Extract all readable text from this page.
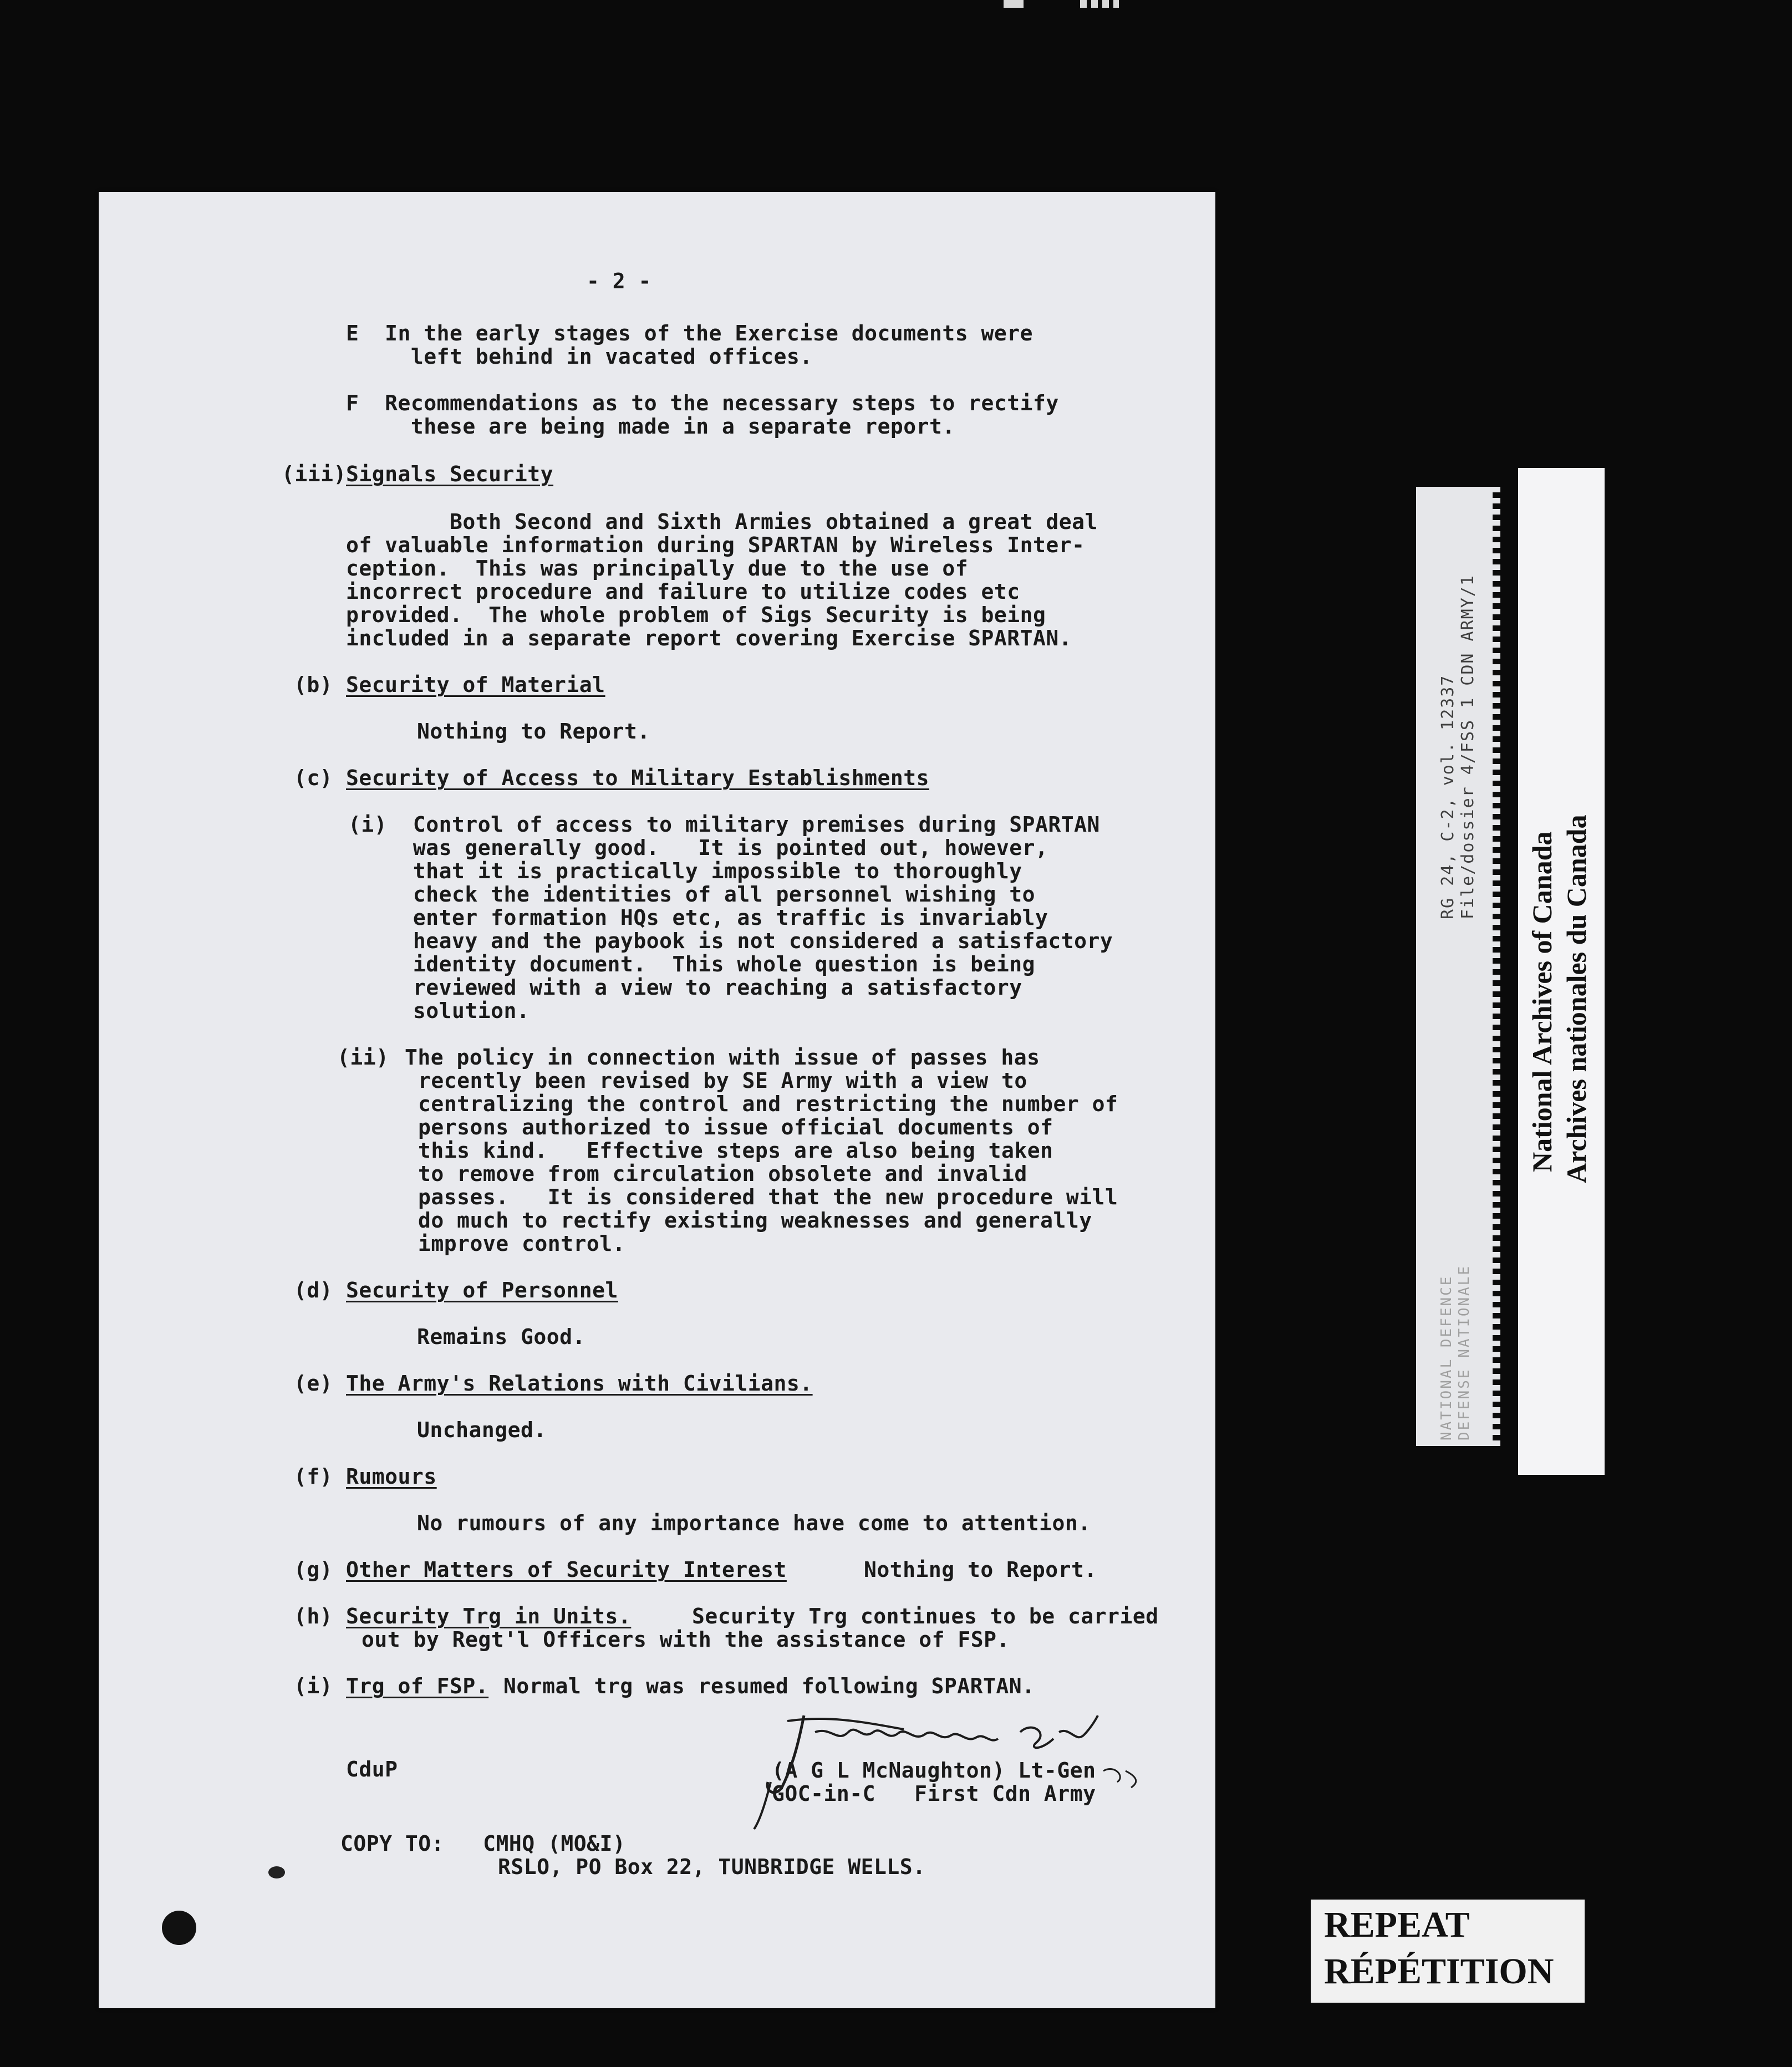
- 2 -
E  In the early stages of the Exercise documents were
left behind in vacated offices.
F  Recommendations as to the necessary steps to rectify
these are being made in a separate report.
(iii) Signals Security
Both Second and Sixth Armies obtained a great deal
of valuable information during SPARTAN by Wireless Inter-
ception.  This was principally due to the use of
incorrect procedure and failure to utilize codes etc
provided.  The whole problem of Sigs Security is being
included in a separate report covering Exercise SPARTAN.
(b) Security of Material
Nothing to Report.
(c) Security of Access to Military Establishments
(i)  Control of access to military premises during SPARTAN
was generally good.   It is pointed out, however,
that it is practically impossible to thoroughly
check the identities of all personnel wishing to
enter formation HQs etc, as traffic is invariably
heavy and the paybook is not considered a satisfactory
identity document.  This whole question is being
reviewed with a view to reaching a satisfactory
solution.
(ii) The policy in connection with issue of passes has
recently been revised by SE Army with a view to
centralizing the control and restricting the number of
persons authorized to issue official documents of
this kind.   Effective steps are also being taken
to remove from circulation obsolete and invalid
passes.   It is considered that the new procedure will
do much to rectify existing weaknesses and generally
improve control.
(d) Security of Personnel
Remains Good.
(e) The Army's Relations with Civilians.
Unchanged.
(f) Rumours
No rumours of any importance have come to attention.
(g) Other Matters of Security Interest	Nothing to Report.
(h) Security Trg in Units.	Security Trg continues to be carried
out by Regt'l Officers with the assistance of FSP.
(i) Trg of FSP. Normal trg was resumed following SPARTAN.
CduP	(A G L McNaughton) Lt-Gen
GOC-in-C   First Cdn Army
COPY TO:   CMHQ (MO&I)
RSLO, PO Box 22, TUNBRIDGE WELLS.
RG 24, C-2, vol. 12337 File/dossier 4/FSS 1 CDN ARMY/1
NATIONAL DEFENCE DEFENSE NATIONALE
National Archives of Canada Archives nationales du Canada
REPEAT
RÉPÉTITION
